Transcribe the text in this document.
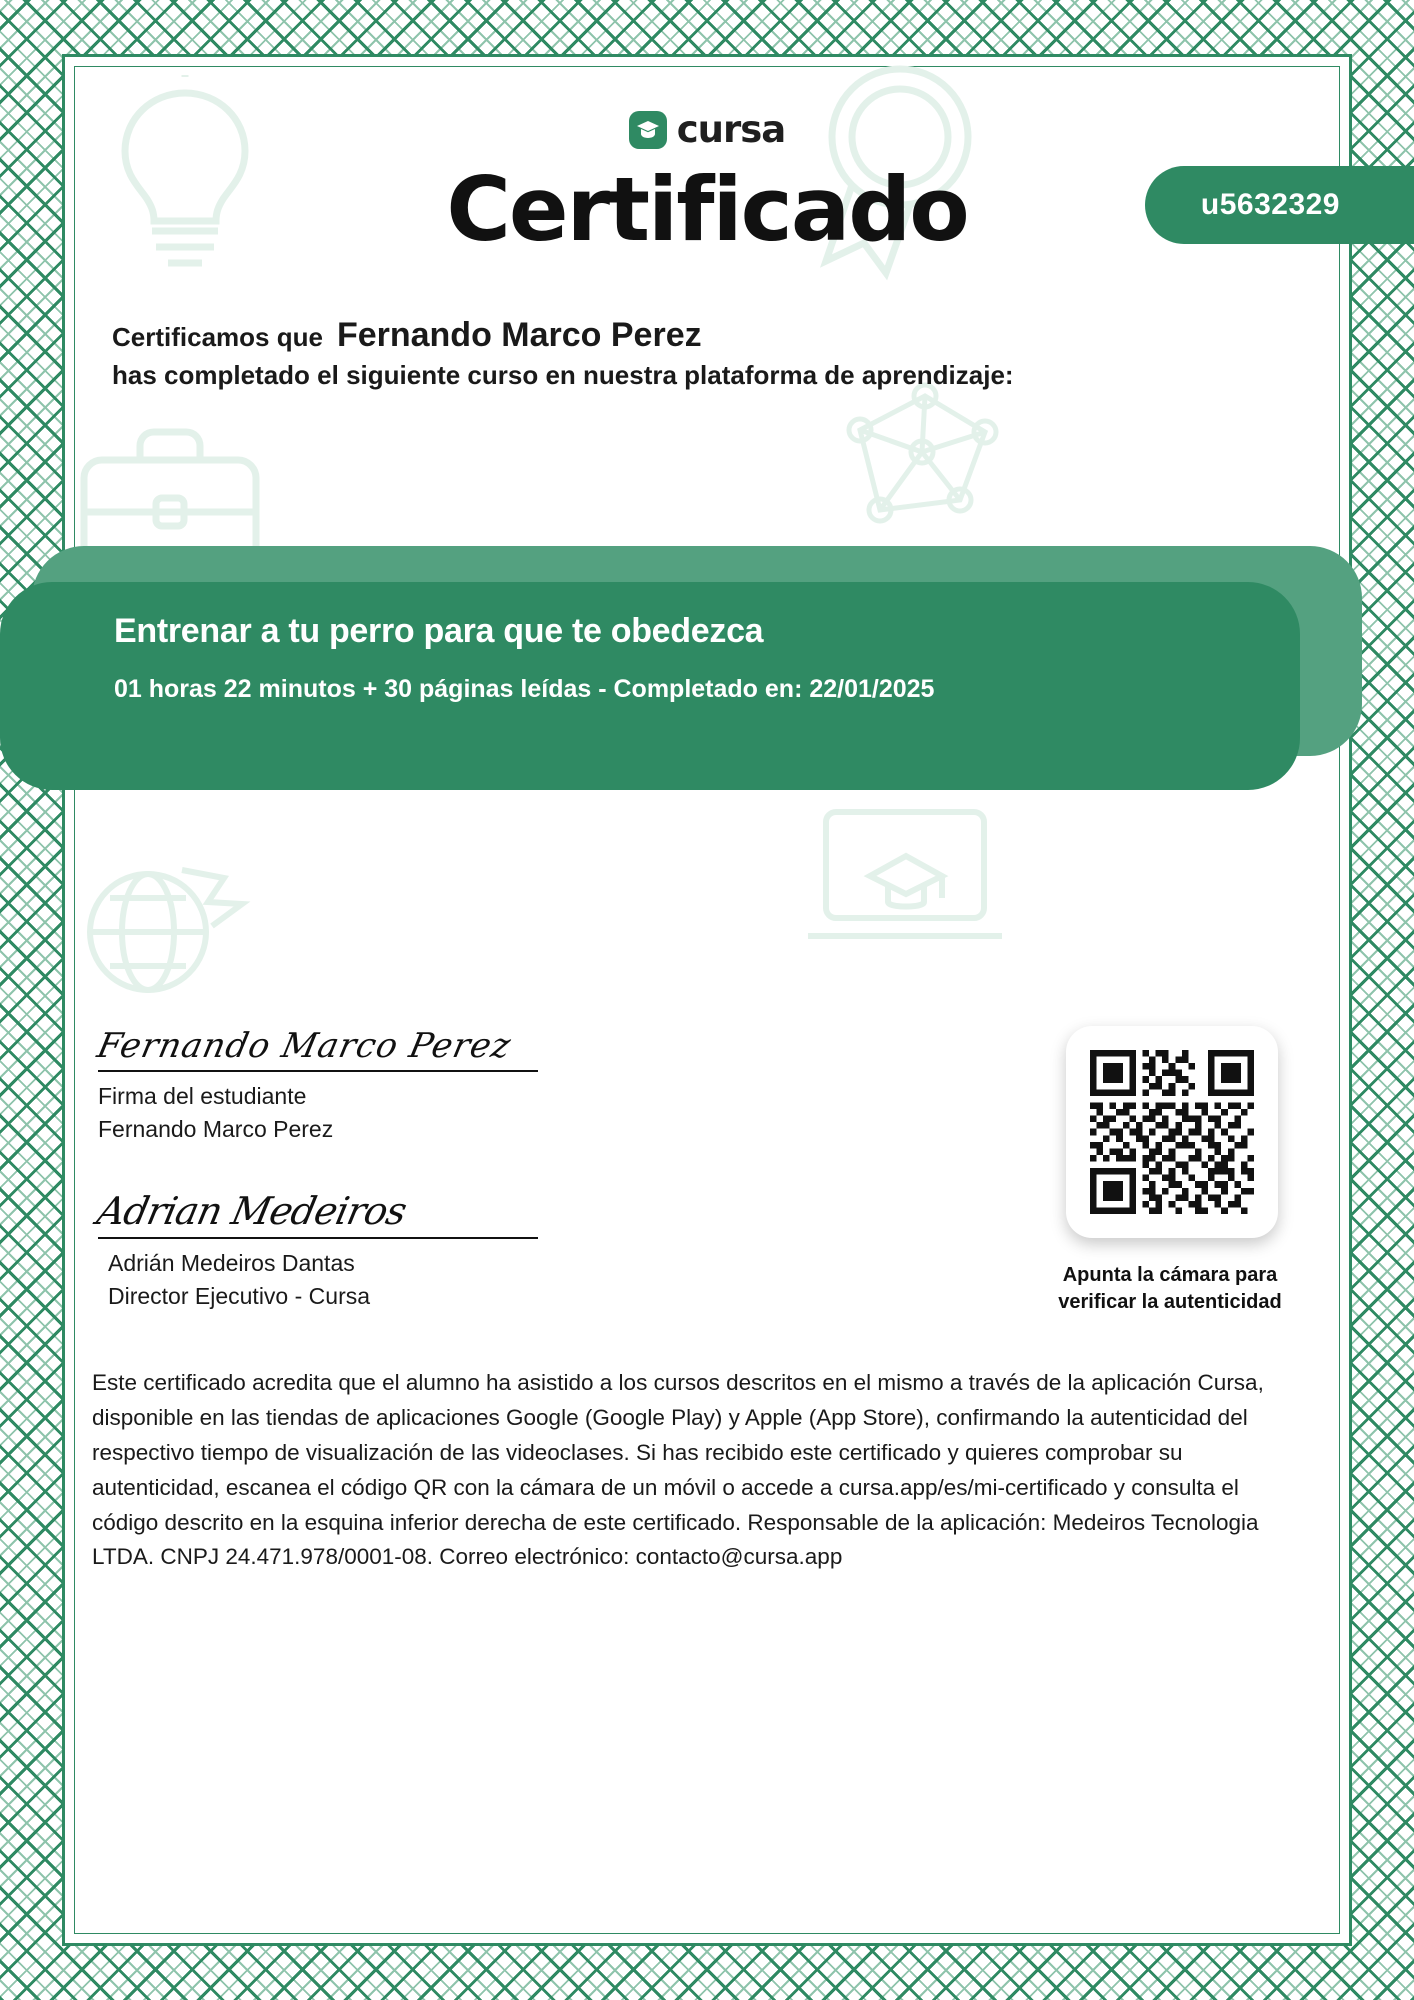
cursa
Certificado	u5632329
Certificamos que Fernando Marco Perez
has completado el siguiente curso en nuestra plataforma de aprendizaje:
Entrenar a tu perro para que te obedezca
01 horas 22 minutos + 30 páginas leídas - Completado en: 22/01/2025
Fernando Marco Perez
Firma del estudiante
Fernando Marco Perez
Adrian Medeiros
Adrián Medeiros Dantas
Director Ejecutivo - Cursa
Apunta la cámara para verificar la autenticidad
Este certificado acredita que el alumno ha asistido a los cursos descritos en el mismo a través de la aplicación Cursa, disponible en las tiendas de aplicaciones Google (Google Play) y Apple (App Store), confirmando la autenticidad del respectivo tiempo de visualización de las videoclases. Si has recibido este certificado y quieres comprobar su autenticidad, escanea el código QR con la cámara de un móvil o accede a cursa.app/es/mi-certificado y consulta el código descrito en la esquina inferior derecha de este certificado. Responsable de la aplicación: Medeiros Tecnologia LTDA. CNPJ 24.471.978/0001-08. Correo electrónico: contacto@cursa.app
